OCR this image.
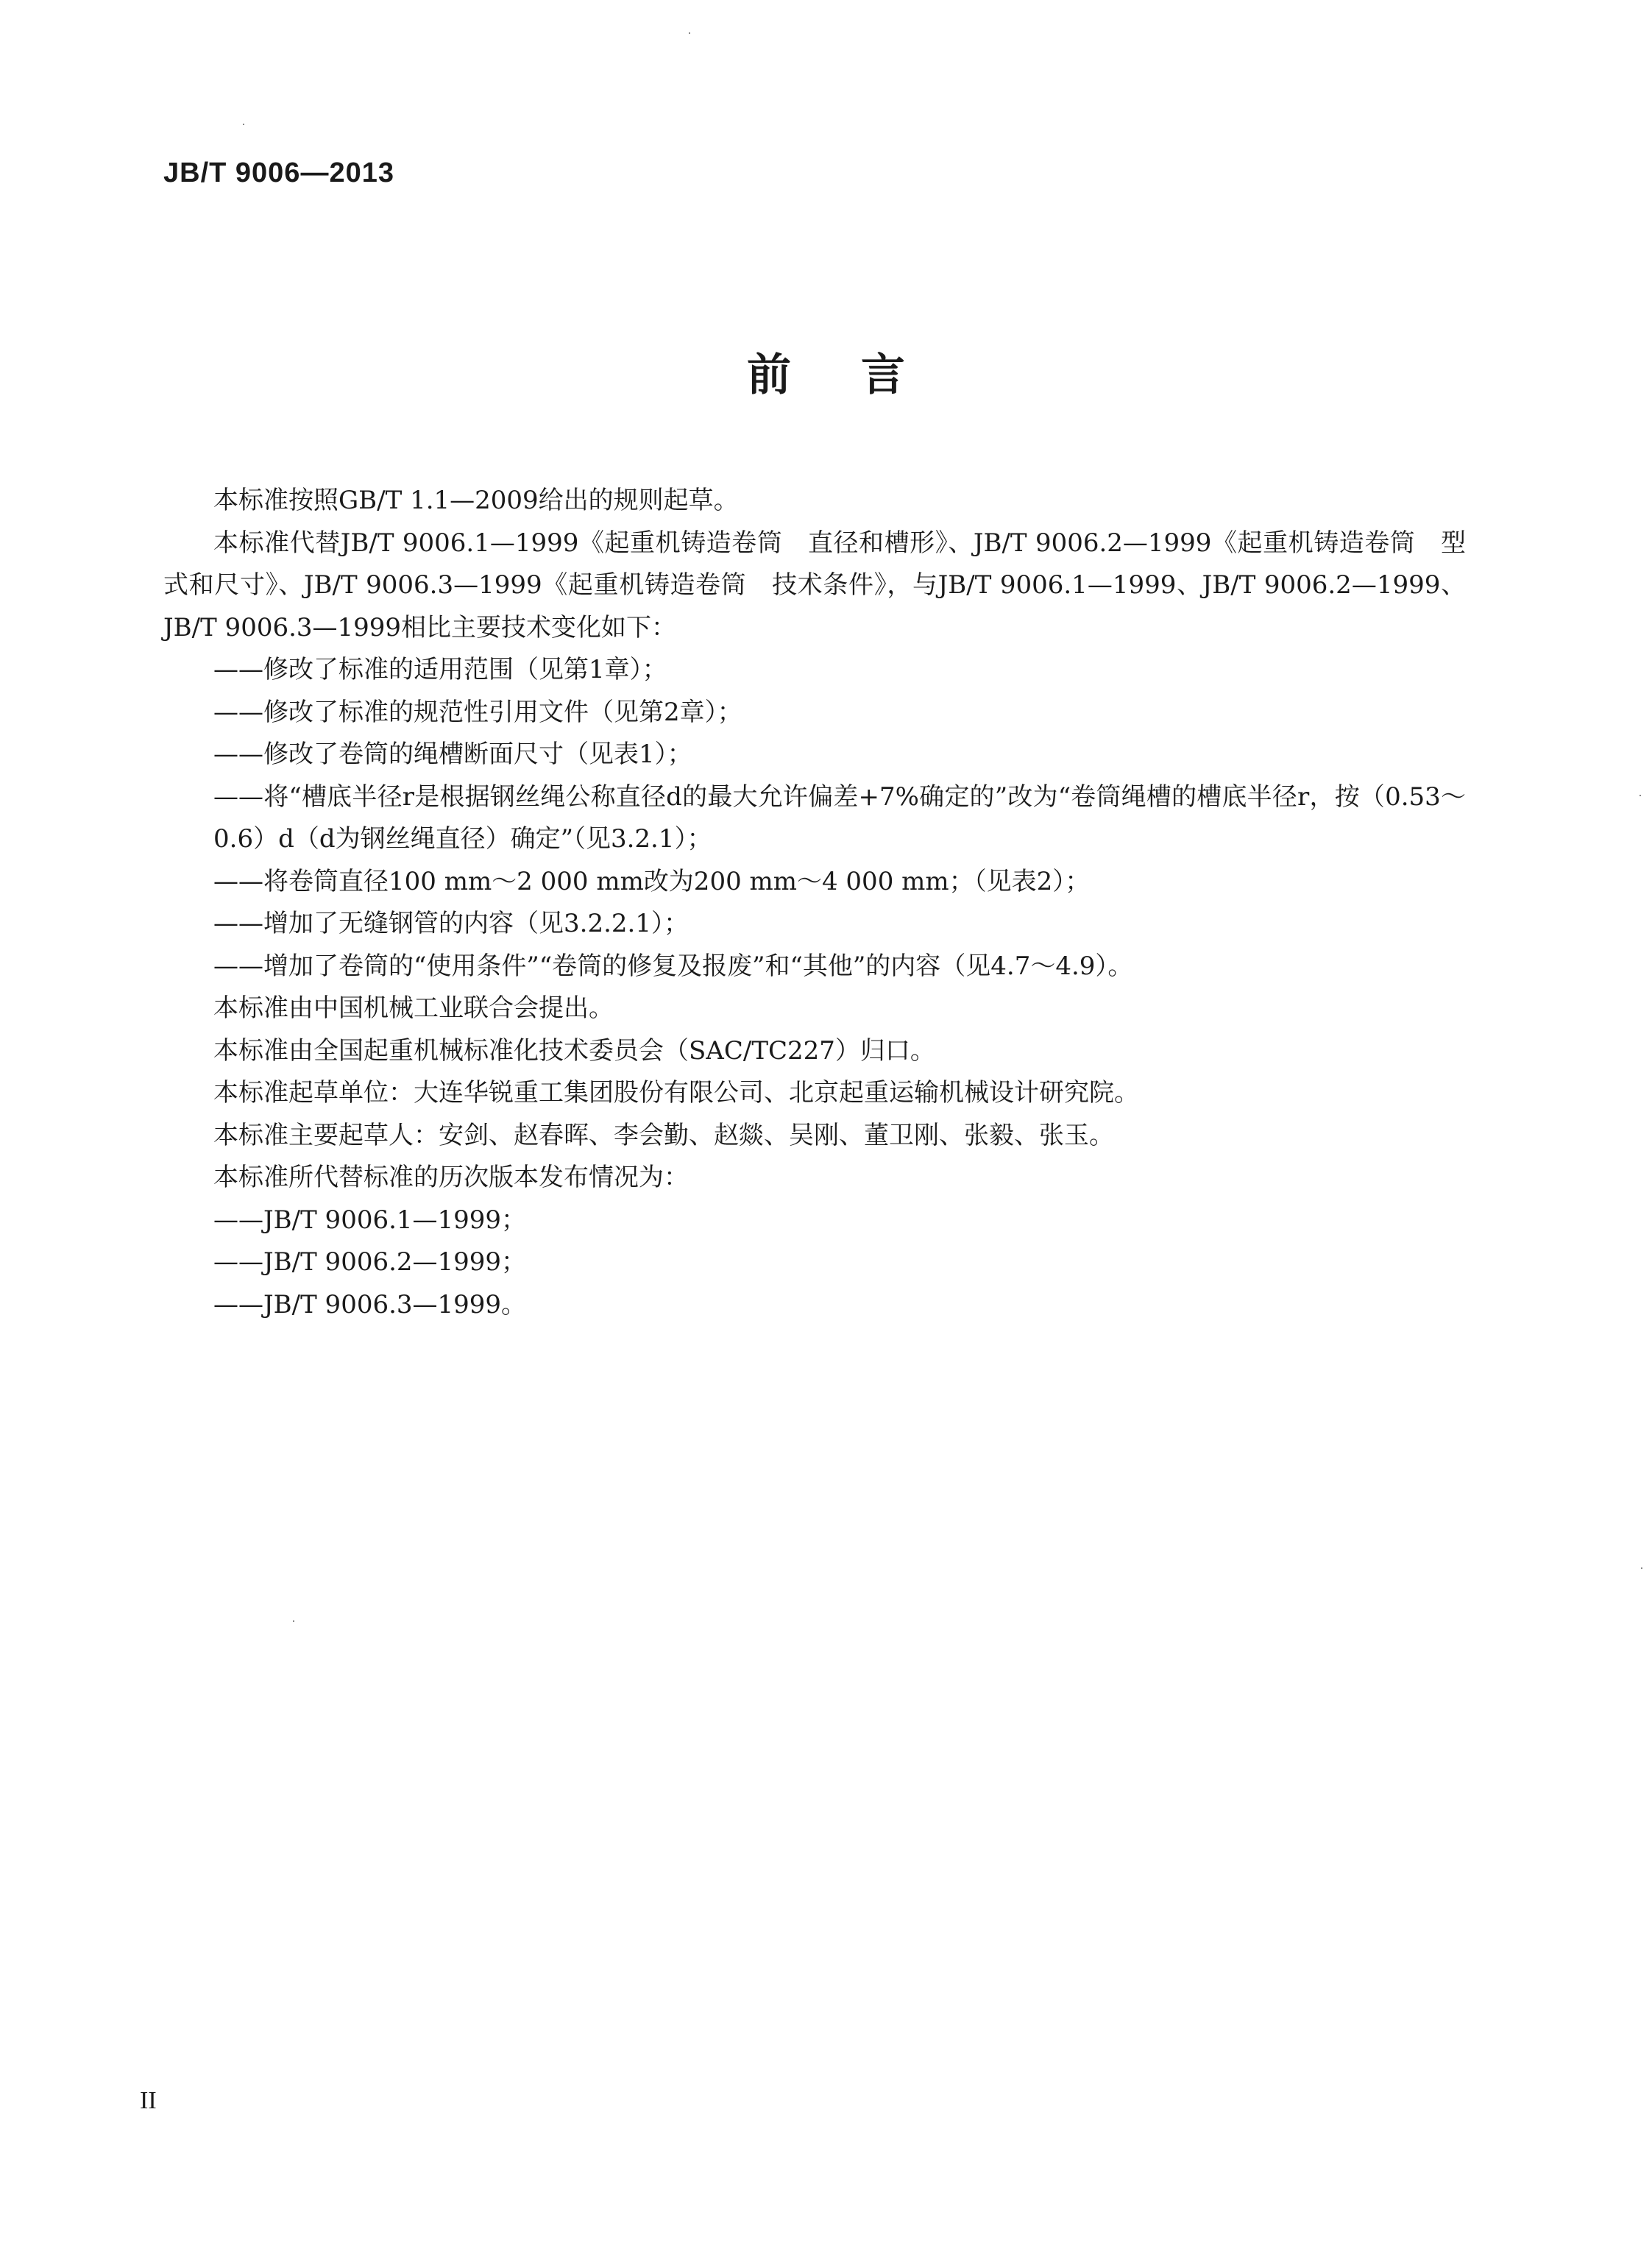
JB/T 9006—2013
前言

本标准按照GB/T 1.1—2009给出的规则起草。

本标准代替JB/T 9006.1—1999《起重机铸造卷筒　直径和槽形》、JB/T 9006.2—1999《起重机铸造卷筒　型式和尺寸》、JB/T 9006.3—1999《起重机铸造卷筒　技术条件》，与JB/T 9006.1—1999、JB/T 9006.2—1999、JB/T 9006.3—1999相比主要技术变化如下：

——修改了标准的适用范围（见第1章）；

——修改了标准的规范性引用文件（见第2章）；

——修改了卷筒的绳槽断面尺寸（见表1）；

——将“槽底半径r是根据钢丝绳公称直径d的最大允许偏差+7%确定的”改为“卷筒绳槽的槽底半径r，按（0.53～0.6）d（d为钢丝绳直径）确定”（见3.2.1）；

——将卷筒直径100 mm～2 000 mm改为200 mm～4 000 mm；（见表2）；

——增加了无缝钢管的内容（见3.2.2.1）；

——增加了卷筒的“使用条件”“卷筒的修复及报废”和“其他”的内容（见4.7～4.9）。

本标准由中国机械工业联合会提出。

本标准由全国起重机械标准化技术委员会（SAC/TC227）归口。

本标准起草单位：大连华锐重工集团股份有限公司、北京起重运输机械设计研究院。

本标准主要起草人：安剑、赵春晖、李会勤、赵燚、吴刚、董卫刚、张毅、张玉。

本标准所代替标准的历次版本发布情况为：

——JB/T 9006.1—1999；

——JB/T 9006.2—1999；

——JB/T 9006.3—1999。

II
